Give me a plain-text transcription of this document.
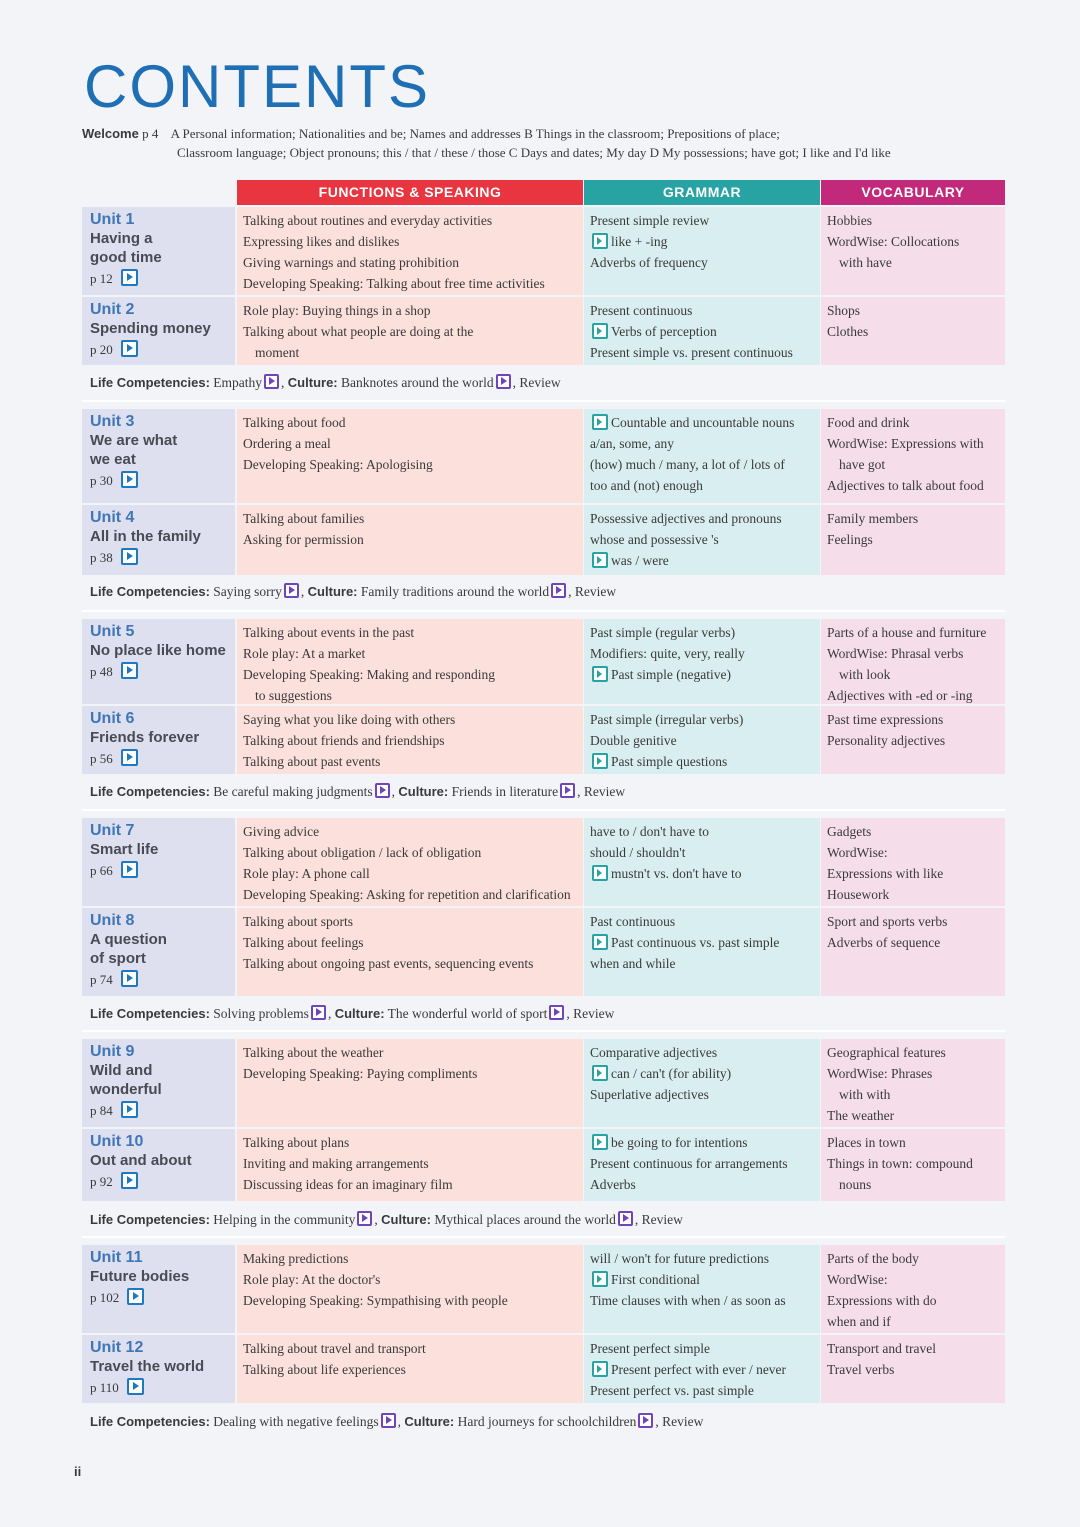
CONTENTS
Welcome p 4 A Personal information; Nationalities and be; Names and addresses B Things in the classroom; Prepositions of place;
Classroom language; Object pronouns; this / that / these / those C Days and dates; My day D My possessions; have got; I like and I'd like
FUNCTIONS & SPEAKING	GRAMMAR	VOCABULARY
Unit 1
Having a
good time
p 12
Talking about routines and everyday activities
Expressing likes and dislikes
Giving warnings and stating prohibition
Developing Speaking: Talking about free time activities
Present simple review
like + -ing
Adverbs of frequency
Hobbies
WordWise: Collocations
with have
Unit 2
Spending money
p 20
Role play: Buying things in a shop
Talking about what people are doing at the
moment
Present continuous
Verbs of perception
Present simple vs. present continuous
Shops
Clothes
Unit 3
We are what
we eat
p 30
Talking about food
Ordering a meal
Developing Speaking: Apologising
Countable and uncountable nouns
a/an, some, any
(how) much / many, a lot of / lots of
too and (not) enough
Food and drink
WordWise: Expressions with
have got
Adjectives to talk about food
Unit 4
All in the family
p 38
Talking about families
Asking for permission
Possessive adjectives and pronouns
whose and possessive 's
was / were
Family members
Feelings
Unit 5
No place like home
p 48
Talking about events in the past
Role play: At a market
Developing Speaking: Making and responding
to suggestions
Past simple (regular verbs)
Modifiers: quite, very, really
Past simple (negative)
Parts of a house and furniture
WordWise: Phrasal verbs
with look
Adjectives with -ed or -ing
Unit 6
Friends forever
p 56
Saying what you like doing with others
Talking about friends and friendships
Talking about past events
Past simple (irregular verbs)
Double genitive
Past simple questions
Past time expressions
Personality adjectives
Unit 7
Smart life
p 66
Giving advice
Talking about obligation / lack of obligation
Role play: A phone call
Developing Speaking: Asking for repetition and clarification
have to / don't have to
should / shouldn't
mustn't vs. don't have to
Gadgets
WordWise:
Expressions with like
Housework
Unit 8
A question
of sport
p 74
Talking about sports
Talking about feelings
Talking about ongoing past events, sequencing events
Past continuous
Past continuous vs. past simple
when and while
Sport and sports verbs
Adverbs of sequence
Unit 9
Wild and
wonderful
p 84
Talking about the weather
Developing Speaking: Paying compliments
Comparative adjectives
can / can't (for ability)
Superlative adjectives
Geographical features
WordWise: Phrases
with with
The weather
Unit 10
Out and about
p 92
Talking about plans
Inviting and making arrangements
Discussing ideas for an imaginary film
be going to for intentions
Present continuous for arrangements
Adverbs
Places in town
Things in town: compound
nouns
Unit 11
Future bodies
p 102
Making predictions
Role play: At the doctor's
Developing Speaking: Sympathising with people
will / won't for future predictions
First conditional
Time clauses with when / as soon as
Parts of the body
WordWise:
Expressions with do
when and if
Unit 12
Travel the world
p 110
Talking about travel and transport
Talking about life experiences
Present perfect simple
Present perfect with ever / never
Present perfect vs. past simple
Transport and travel
Travel verbs
Life Competencies: Empathy , Culture: Banknotes around the world , Review
Life Competencies: Saying sorry , Culture: Family traditions around the world , Review
Life Competencies: Be careful making judgments , Culture: Friends in literature , Review
Life Competencies: Solving problems , Culture: The wonderful world of sport , Review
Life Competencies: Helping in the community , Culture: Mythical places around the world , Review
Life Competencies: Dealing with negative feelings , Culture: Hard journeys for schoolchildren , Review
ii
